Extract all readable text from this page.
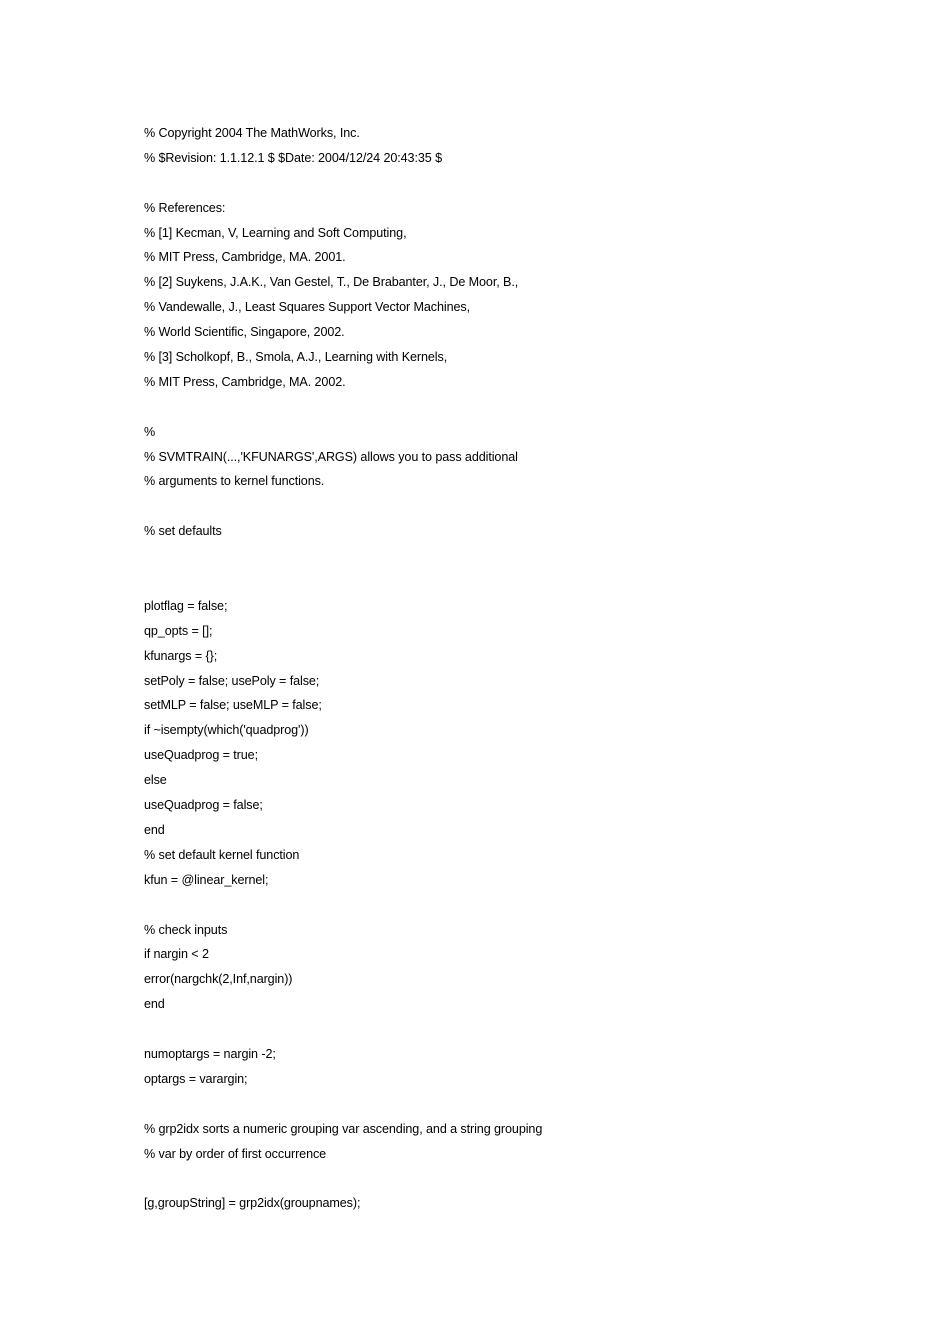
% Copyright 2004 The MathWorks, Inc.
% $Revision: 1.1.12.1 $ $Date: 2004/12/24 20:43:35 $
% References:
% [1] Kecman, V, Learning and Soft Computing,
% MIT Press, Cambridge, MA. 2001.
% [2] Suykens, J.A.K., Van Gestel, T., De Brabanter, J., De Moor, B.,
% Vandewalle, J., Least Squares Support Vector Machines,
% World Scientific, Singapore, 2002.
% [3] Scholkopf, B., Smola, A.J., Learning with Kernels,
% MIT Press, Cambridge, MA. 2002.
%
% SVMTRAIN(...,'KFUNARGS',ARGS) allows you to pass additional
% arguments to kernel functions.
% set defaults
plotflag = false;
qp_opts = [];
kfunargs = {};
setPoly = false; usePoly = false;
setMLP = false; useMLP = false;
if ~isempty(which('quadprog'))
useQuadprog = true;
else
useQuadprog = false;
end
% set default kernel function
kfun = @linear_kernel;
% check inputs
if nargin < 2
error(nargchk(2,Inf,nargin))
end
numoptargs = nargin -2;
optargs = varargin;
% grp2idx sorts a numeric grouping var ascending, and a string grouping
% var by order of first occurrence
[g,groupString] = grp2idx(groupnames);
